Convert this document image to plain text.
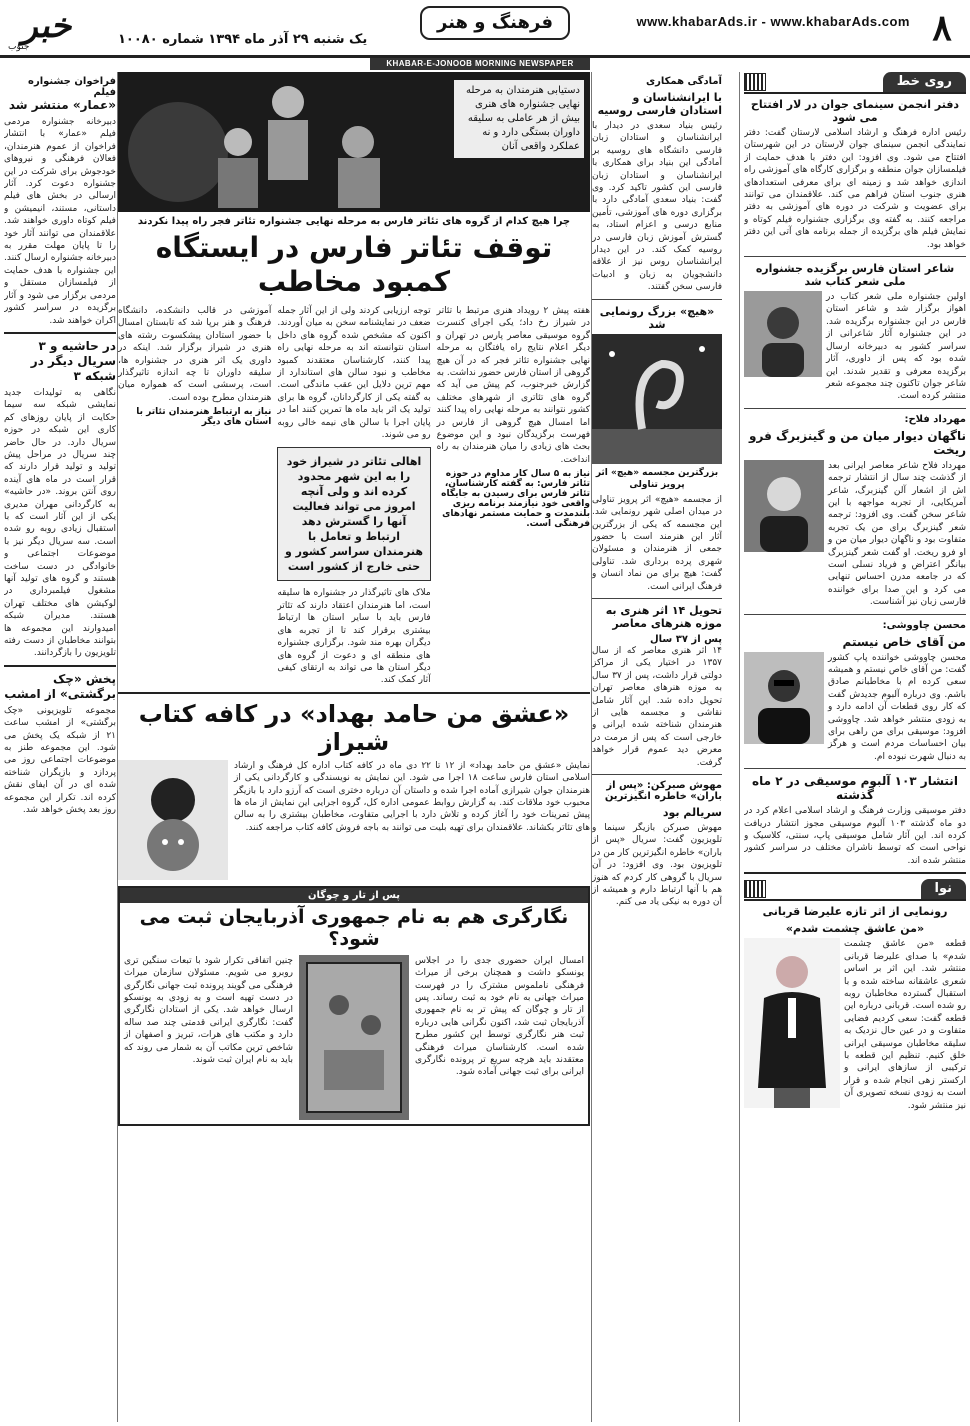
۸
www.khabarAds.ir - www.khabarAds.com
فرهنگ و هنر
یک شنبه ۲۹ آذر ماه ۱۳۹۴ شماره ۱۰۰۸۰
خبر
جنوب
KHABAR-E-JONOOB MORNING NEWSPAPER
روی خط
دفتر انجمن سینمای جوان در لار افتتاح می شود
رئیس اداره فرهنگ و ارشاد اسلامی لارستان گفت: دفتر نمایندگی انجمن سینمای جوان لارستان در این شهرستان افتتاح می شود. وی افزود: این دفتر با هدف حمایت از فیلمسازان جوان منطقه و برگزاری کارگاه های آموزشی راه اندازی خواهد شد و زمینه ای برای معرفی استعدادهای هنری جنوب استان فراهم می کند. علاقمندان می توانند برای عضویت و شرکت در دوره های آموزشی به دفتر مراجعه کنند. به گفته وی برگزاری جشنواره فیلم کوتاه و نمایش فیلم های برگزیده از جمله برنامه های آتی این دفتر خواهد بود.
شاعر استان فارس برگزیده جشنواره ملی شعر کتاب شد
اولین جشنواره ملی شعر کتاب در اهواز برگزار شد و شاعر استان فارس در این جشنواره برگزیده شد. در این جشنواره آثار شاعرانی از سراسر کشور به دبیرخانه ارسال شده بود که پس از داوری، آثار برگزیده معرفی و تقدیر شدند. این شاعر جوان تاکنون چند مجموعه شعر منتشر کرده است.
مهرداد فلاح:
ناگهان دیوار میان من و گینزبرگ فرو ریخت
مهرداد فلاح شاعر معاصر ایرانی بعد از گذشت چند سال از انتشار ترجمه اش از اشعار آلن گینزبرگ، شاعر آمریکایی، از تجربه مواجهه با این شاعر سخن گفت. وی افزود: ترجمه شعر گینزبرگ برای من یک تجربه متفاوت بود و ناگهان دیوار میان من و او فرو ریخت. او گفت شعر گینزبرگ بیانگر اعتراض و فریاد نسلی است که در جامعه مدرن احساس تنهایی می کرد و این صدا برای خواننده فارسی زبان نیز آشناست.
محسن چاووشی:
من آقای خاص نیستم
محسن چاووشی خواننده پاپ کشور گفت: من آقای خاص نیستم و همیشه سعی کرده ام با مخاطبانم صادق باشم. وی درباره آلبوم جدیدش گفت که کار روی قطعات آن ادامه دارد و به زودی منتشر خواهد شد. چاووشی افزود: موسیقی برای من راهی برای بیان احساسات مردم است و هرگز به دنبال شهرت نبوده ام.
انتشار ۱۰۳ آلبوم موسیقی در ۲ ماه گذشته
دفتر موسیقی وزارت فرهنگ و ارشاد اسلامی اعلام کرد در دو ماه گذشته ۱۰۳ آلبوم موسیقی مجوز انتشار دریافت کرده اند. این آثار شامل موسیقی پاپ، سنتی، کلاسیک و نواحی است که توسط ناشران مختلف در سراسر کشور منتشر شده اند.
نوا
رونمایی از اثر تازه علیرضا قربانی
«من عاشق چشمت شدم»
قطعه «من عاشق چشمت شدم» با صدای علیرضا قربانی منتشر شد. این اثر بر اساس شعری عاشقانه ساخته شده و با استقبال گسترده مخاطبان روبه رو شده است. قربانی درباره این قطعه گفت: سعی کردیم فضایی متفاوت و در عین حال نزدیک به سلیقه مخاطبان موسیقی ایرانی خلق کنیم. تنظیم این قطعه با ترکیبی از سازهای ایرانی و ارکستر زهی انجام شده و قرار است به زودی نسخه تصویری آن نیز منتشر شود.
آمادگی همکاری
با ایرانشناسان و استادان فارسی روسیه
رئیس بنیاد سعدی در دیدار با ایرانشناسان و استادان زبان فارسی دانشگاه های روسیه بر آمادگی این بنیاد برای همکاری با ایرانشناسان و استادان زبان فارسی این کشور تاکید کرد. وی گفت: بنیاد سعدی آمادگی دارد با برگزاری دوره های آموزشی، تأمین منابع درسی و اعزام استاد، به گسترش آموزش زبان فارسی در روسیه کمک کند. در این دیدار ایرانشناسان روس نیز از علاقه دانشجویان به زبان و ادبیات فارسی سخن گفتند.
«هیچ» بزرگ رونمایی شد
بزرگترین مجسمه «هیچ» اثر پرویز تناولی
از مجسمه «هیچ» اثر پرویز تناولی در میدان اصلی شهر رونمایی شد. این مجسمه که یکی از بزرگترین آثار این هنرمند است با حضور جمعی از هنرمندان و مسئولان شهری پرده برداری شد. تناولی گفت: هیچ برای من نماد انسان و فرهنگ ایرانی است.
تحویل ۱۴ اثر هنری به موزه هنرهای معاصر
پس از ۳۷ سال
۱۴ اثر هنری معاصر که از سال ۱۳۵۷ در اختیار یکی از مراکز دولتی قرار داشت، پس از ۳۷ سال به موزه هنرهای معاصر تهران تحویل داده شد. این آثار شامل نقاشی و مجسمه هایی از هنرمندان شناخته شده ایرانی و خارجی است که پس از مرمت در معرض دید عموم قرار خواهد گرفت.
مهوش صبرکن: «پس از باران» خاطره انگیزترین
سریالم بود
مهوش صبرکن بازیگر سینما و تلویزیون گفت: سریال «پس از باران» خاطره انگیزترین کار من در تلویزیون بود. وی افزود: در آن سریال با گروهی کار کردم که هنوز هم با آنها ارتباط دارم و همیشه از آن دوره به نیکی یاد می کنم.
دستیابی هنرمندان به مرحله نهایی جشنواره های هنری بیش از هر عاملی به سلیقه داوران بستگی دارد و نه عملکرد واقعی آنان
چرا هیچ کدام از گروه های تئاتر فارس به مرحله نهایی جشنواره تئاتر فجر راه پیدا نکردند
توقف تئاتر فارس در ایستگاه کمبود مخاطب
هفته پیش ۲ رویداد هنری مرتبط با تئاتر در شیراز رخ داد؛ یکی اجرای کنسرت گروه موسیقی معاصر پارس در تهران و دیگر اعلام نتایج راه یافتگان به مرحله نهایی جشنواره تئاتر فجر که در آن هیچ گروهی از استان فارس حضور نداشت. به گزارش خبرجنوب، کم پیش می آید که گروه های تئاتری از شهرهای مختلف کشور نتوانند به مرحله نهایی راه پیدا کنند اما امسال هیچ گروهی از فارس در فهرست برگزیدگان نبود و این موضوع بحث های زیادی را میان هنرمندان به راه انداخت.
نیاز به ۵ سال کار مداوم در حوزه تئاتر فارس: به گفته کارشناسان، تئاتر فارس برای رسیدن به جایگاه واقعی خود نیازمند برنامه ریزی بلندمدت و حمایت مستمر نهادهای فرهنگی است.
توجه ارزیابی کردند ولی از این آثار جمله ضعف در نمایشنامه سخن به میان آوردند. اکنون که مشخص شده گروه های داخل استان نتوانسته اند به مرحله نهایی راه پیدا کنند، کارشناسان معتقدند کمبود مخاطب و نبود سالن های استاندارد از مهم ترین دلایل این عقب ماندگی است. به گفته یکی از کارگردانان، گروه ها برای تولید یک اثر باید ماه ها تمرین کنند اما در پایان اجرا با سالن های نیمه خالی روبه رو می شوند.
اهالی تئاتر در شیراز خود را به این شهر محدود کرده اند و ولی آنچه امروز می تواند فعالیت آنها را گسترش دهد ارتباط و تعامل با هنرمندان سراسر کشور و حتی خارج از کشور است
ملاک های تاثیرگذار در جشنواره ها سلیقه است، اما هنرمندان اعتقاد دارند که تئاتر فارس باید با سایر استان ها ارتباط بیشتری برقرار کند تا از تجربه های دیگران بهره مند شود. برگزاری جشنواره های منطقه ای و دعوت از گروه های دیگر استان ها می تواند به ارتقای کیفی آثار کمک کند.
آموزشی در قالب دانشکده، دانشگاه فرهنگ و هنر برپا شد که تابستان امسال با حضور استادان پیشکسوت رشته های هنری در شیراز برگزار شد. اینکه در داوری یک اثر هنری در جشنواره ها، سلیقه داوران تا چه اندازه تاثیرگذار است، پرسشی است که همواره میان هنرمندان مطرح بوده است.
نیاز به ارتباط هنرمندان تئاتر با استان های دیگر
«عشق من حامد بهداد» در کافه کتاب شیراز
نمایش «عشق من حامد بهداد» از ۱۲ تا ۲۲ دی ماه در کافه کتاب اداره کل فرهنگ و ارشاد اسلامی استان فارس ساعت ۱۸ اجرا می شود. این نمایش به نویسندگی و کارگردانی یکی از هنرمندان جوان شیرازی آماده اجرا شده و داستان آن درباره دختری است که آرزو دارد با بازیگر محبوب خود ملاقات کند. به گزارش روابط عمومی اداره کل، گروه اجرایی این نمایش از ماه ها پیش تمرینات خود را آغاز کرده و تلاش دارد با اجرایی متفاوت، مخاطبان بیشتری را به سالن های تئاتر بکشاند. علاقمندان برای تهیه بلیت می توانند به باجه فروش کافه کتاب مراجعه کنند.
پس از تار و چوگان
نگارگری هم به نام جمهوری آذربایجان ثبت می شود؟
امسال ایران حضوری جدی را در اجلاس یونسکو داشت و همچنان برخی از میراث فرهنگی ناملموس مشترک را در فهرست میراث جهانی به نام خود به ثبت رساند. پس از تار و چوگان که پیش تر به نام جمهوری آذربایجان ثبت شد، اکنون نگرانی هایی درباره ثبت هنر نگارگری توسط این کشور مطرح شده است. کارشناسان میراث فرهنگی معتقدند باید هرچه سریع تر پرونده نگارگری ایرانی برای ثبت جهانی آماده شود.
چنین اتفاقی تکرار شود با تبعات سنگین تری روبرو می شویم. مسئولان سازمان میراث فرهنگی می گویند پرونده ثبت جهانی نگارگری در دست تهیه است و به زودی به یونسکو ارسال خواهد شد. یکی از استادان نگارگری گفت: نگارگری ایرانی قدمتی چند صد ساله دارد و مکتب های هرات، تبریز و اصفهان از شاخص ترین مکاتب آن به شمار می روند که باید به نام ایران ثبت شوند.
فراخوان جشنواره فیلم
«عمار» منتشر شد
دبیرخانه جشنواره مردمی فیلم «عمار» با انتشار فراخوان از عموم هنرمندان، فعالان فرهنگی و نیروهای خودجوش برای شرکت در این جشنواره دعوت کرد. آثار ارسالی در بخش های فیلم داستانی، مستند، انیمیشن و فیلم کوتاه داوری خواهند شد. علاقمندان می توانند آثار خود را تا پایان مهلت مقرر به دبیرخانه جشنواره ارسال کنند. این جشنواره با هدف حمایت از فیلمسازان مستقل و مردمی برگزار می شود و آثار برگزیده در سراسر کشور اکران خواهند شد.
در حاشیه و ۳ سریال دیگر در شبکه ۳
نگاهی به تولیدات جدید نمایشی شبکه سه سیما حکایت از پایان روزهای کم کاری این شبکه در حوزه سریال دارد. در حال حاضر چند سریال در مراحل پیش تولید و تولید قرار دارند که قرار است در ماه های آینده روی آنتن بروند. «در حاشیه» به کارگردانی مهران مدیری یکی از این آثار است که با استقبال زیادی روبه رو شده است. سه سریال دیگر نیز با موضوعات اجتماعی و خانوادگی در دست ساخت هستند و گروه های تولید آنها مشغول فیلمبرداری در لوکیشن های مختلف تهران هستند. مدیران شبکه امیدوارند این مجموعه ها بتوانند مخاطبان از دست رفته تلویزیون را بازگردانند.
پخش «چک برگشتی» از امشب
مجموعه تلویزیونی «چک برگشتی» از امشب ساعت ۲۱ از شبکه یک پخش می شود. این مجموعه طنز به موضوعات اجتماعی روز می پردازد و بازیگران شناخته شده ای در آن ایفای نقش کرده اند. تکرار این مجموعه روز بعد پخش خواهد شد.
